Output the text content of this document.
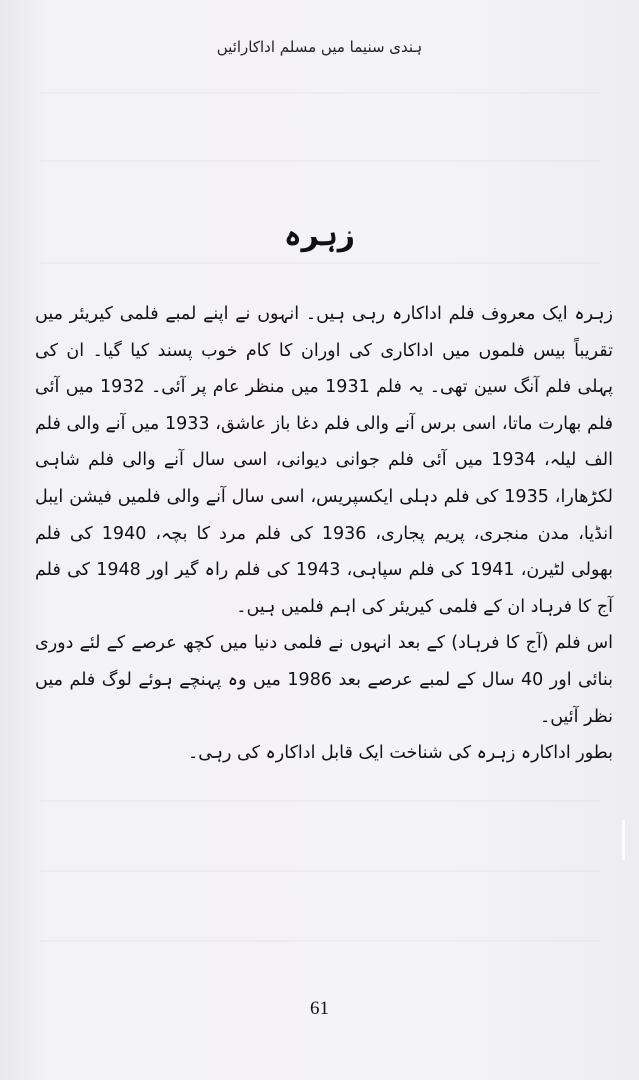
ہندی سنیما میں مسلم اداکارائیں
زہرہ

زہرہ ایک معروف فلم اداکارہ رہی ہیں۔ انہوں نے اپنے لمبے فلمی کیریئر میں تقریباً بیس فلموں میں اداکاری کی اوران کا کام خوب پسند کیا گیا۔ ان کی پہلی فلم آنگ سین تھی۔ یہ فلم 1931 میں منظر عام پر آئی۔ 1932 میں آئی فلم بھارت ماتا، اسی برس آنے والی فلم دغا باز عاشق، 1933 میں آنے والی فلم الف لیلہ، 1934 میں آئی فلم جوانی دیوانی، اسی سال آنے والی فلم شاہی لکڑھارا، 1935 کی فلم دہلی ایکسپریس، اسی سال آنے والی فلمیں فیشن ایبل انڈیا، مدن منجری، پریم پجاری، 1936 کی فلم مرد کا بچہ، 1940 کی فلم بھولی لٹیرن، 1941 کی فلم سپاہی، 1943 کی فلم راہ گیر اور 1948 کی فلم آج کا فرہاد ان کے فلمی کیریئر کی اہم فلمیں ہیں۔

اس فلم (آج کا فرہاد) کے بعد انہوں نے فلمی دنیا میں کچھ عرصے کے لئے دوری بنائی اور 40 سال کے لمبے عرصے بعد 1986 میں وہ پہنچے ہوئے لوگ فلم میں نظر آئیں۔

بطور اداکارہ زہرہ کی شناخت ایک قابل اداکارہ کی رہی۔

61
